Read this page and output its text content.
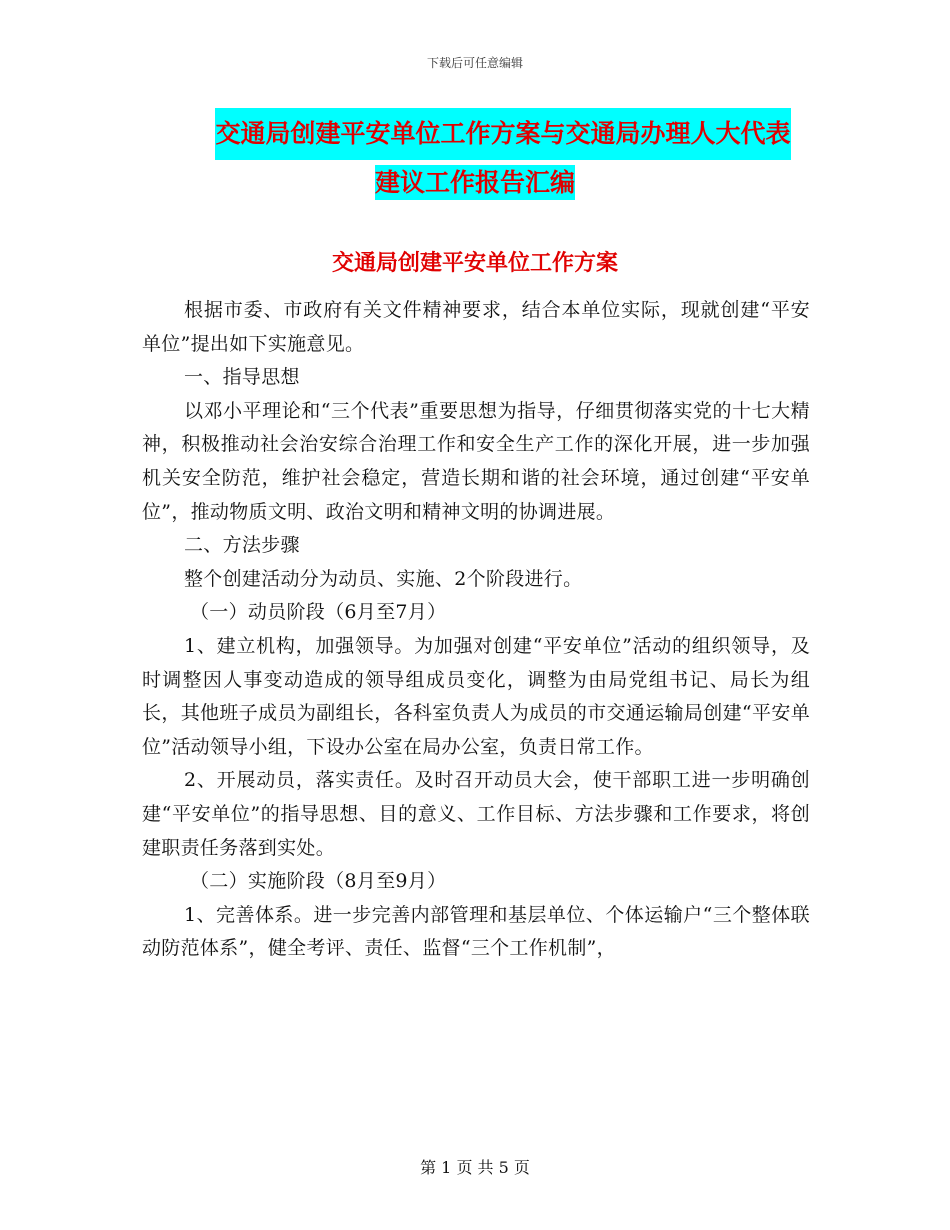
下载后可任意编辑
交通局创建平安单位工作方案与交通局办理人大代表
建议工作报告汇编
交通局创建平安单位工作方案

根据市委、市政府有关文件精神要求，结合本单位实际，现就创建“平安单位”提出如下实施意见。

一、指导思想

以邓小平理论和“三个代表”重要思想为指导，仔细贯彻落实党的十七大精神，积极推动社会治安综合治理工作和安全生产工作的深化开展，进一步加强机关安全防范，维护社会稳定，营造长期和谐的社会环境，通过创建“平安单位”，推动物质文明、政治文明和精神文明的协调进展。

二、方法步骤

整个创建活动分为动员、实施、2个阶段进行。

（一）动员阶段（6月至7月）

1、建立机构，加强领导。为加强对创建“平安单位”活动的组织领导，及时调整因人事变动造成的领导组成员变化，调整为由局党组书记、局长为组长，其他班子成员为副组长，各科室负责人为成员的市交通运输局创建“平安单位”活动领导小组，下设办公室在局办公室，负责日常工作。

2、开展动员，落实责任。及时召开动员大会，使干部职工进一步明确创建“平安单位”的指导思想、目的意义、工作目标、方法步骤和工作要求，将创建职责任务落到实处。

（二）实施阶段（8月至9月）

1、完善体系。进一步完善内部管理和基层单位、个体运输户“三个整体联动防范体系”，健全考评、责任、监督“三个工作机制”，

第 1 页 共 5 页
